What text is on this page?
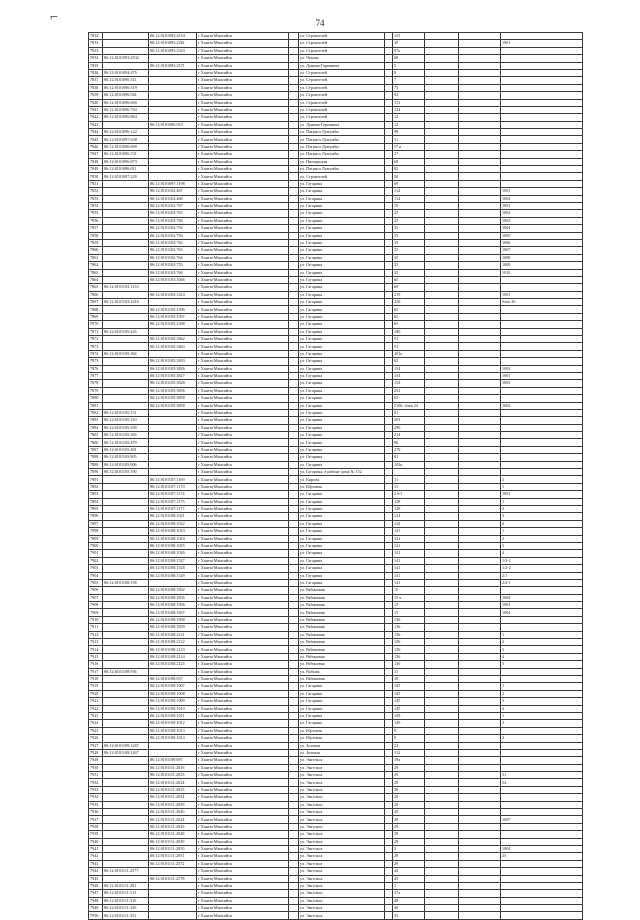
⌐	74
7832		86:12:0101093:2154	г Ханты-Мансийск		ул. Строителей		123			
7833		86:12:0101093:2261	г Ханты-Мансийск		ул. Строителей		30			1901
7833		86:12:0101093:2323	г Ханты-Мансийск		ул. Строителей		97а			
7834	86:12:0101093:2532		г Ханты-Мансийск		ул. Чехова		68			
7835		86:12:0101093:2571	г Ханты-Мансийск		ул. Дунина-Горкавича		5			
7836	86:12:0101094:475		г Ханты-Мансийск		ул. Строителей		8			
7837	86:12:0101096:311		г Ханты-Мансийск		ул. Строителей		7			
7838	86:12:0101096:319		г Ханты-Мансийск		ул. Строителей		73			
7839	86:12:0101096:561		г Ханты-Мансийск		ул. Строителей		92			
7840	86:12:0101096:600		г Ханты-Мансийск		ул. Строителей		113			
7841	86:12:0101096:763		г Ханты-Мансийск		ул. Строителей		124			
7842	86:12:0101096:864		г Ханты-Мансийск		ул. Строителей		12			
7843		86:12:0101096:953	г Ханты-Мансийск		ул. Дунина-Горкавича		12			
7844	86:12:0101096:122		г Ханты-Мансийск		ул. Патриса Лумумбы		98			
7845	86:12:0101097:638		г Ханты-Мансийск		ул. Патриса Лумумбы		11			
7846	86:12:0101096:690		г Ханты-Мансийск		ул. Патриса Лумумбы		57 в			
7847	86:12:0101096:741		г Ханты-Мансийск		ул. Патриса Лумумбы		27			
7848	86:12:0101096:873		г Ханты-Мансийск		ул. Пионерская		68			
7849	86:12:0101096:011		г Ханты-Мансийск		ул. Патриса Лумумбы		82			
7850	86:12:0101097:220		г Ханты-Мансийск		ул. Строителей		50			
7851		86:12:0101097:1198	г Ханты-Мансийск		ул. Гагарина		69			
7852		86:12:0101102:467	г Ханты-Мансийск		ул. Гагарина		114			1001
7853		86:12:0101102:468	г Ханты-Мансийск		ул. Гагарина		114			1002
7854		86:12:0101102:767	г Ханты-Мансийск		ул. Гагарина		35			1001
7855		86:12:0101102:765	г Ханты-Мансийск		ул. Гагарина		35			1002
7856		86:12:0101102:768	г Ханты-Мансийск		ул. Гагарина		35			1003
7857		86:12:0101102:754	г Ханты-Мансийск		ул. Гагарина		35			1004
7858		86:12:0101102:756	г Ханты-Мансийск		ул. Гагарина		35			1005
7859		86:12:0101102:762	г Ханты-Мансийск		ул. Гагарина		35			1006
7860		86:12:0101102:763	г Ханты-Мансийск		ул. Гагарина		35			1007
7861		86:12:0101102:764	г Ханты-Мансийск		ул. Гагарина		35			1008
7862		86:12:0101102:755	г Ханты-Мансийск		ул. Гагарина		35			1009
7863		86:12:0101102:766	г Ханты-Мансийск		ул. Гагарина		35			1010
7864		86:12:0101103:1046	г Ханты-Мансийск		ул. Гагарина		65			
7865	86:12:0101103:1153		г Ханты-Мансийск		ул. Гагарина		69			
7866		86:12:0101103:1414	г Ханты-Мансийск		ул. Гагарина		219			1001
7867	86:12:0101103:1416		г Ханты-Мансийск		ул. Гагарина		220			блок 26
7868		86:12:0101105:2396	г Ханты-Мансийск		ул. Гагарина		65			
7869		86:12:0101105:2397	г Ханты-Мансийск		ул. Гагарина		65			
7870		86:12:0101105:2398	г Ханты-Мансийск		ул. Гагарина		65			
7871	86:12:0101105:243		г Ханты-Мансийск		ул. Гагарина		180			
7872		86:12:0101105:3462	г Ханты-Мансийск		ул. Гагарина		51			
7873		86:12:0101105:3463	г Ханты-Мансийск		ул. Гагарина		51			
7874	86:12:0101105:384		г Ханты-Мансийск		ул. Гагарина		101а			
7875		86:12:0101105:3493	г Ханты-Мансийск		ул. Гагарина		65			
7876		86:12:0101105:3826	г Ханты-Мансийск		ул. Гагарина		154			1002
7877		86:12:0101105:3827	г Ханты-Мансийск		ул. Гагарина		154			1001
7878		86:12:0101105:3828	г Ханты-Мансийск		ул. Гагарина		154			1003
7879		86:12:0101105:3856	г Ханты-Мансийск		ул. Гагарина		252			
7880		86:12:0101105:3858	г Ханты-Мансийск		ул. Гагарина		65			
7881		86:12:0101105:3858	г Ханты-Мансийск		ул. Гагарина		210б, блок 24			1002
7882	86:12:0101105:151		г Ханты-Мансийск		ул. Гагарина		81			
7883	86:12:0101105:310		г Ханты-Мансийск		ул. Гагарина		203			
7884	86:12:0101105:358		г Ханты-Мансийск		ул. Гагарина		290			
7885	86:12:0101105:383		г Ханты-Мансийск		ул. Гагарина		214			
7886	86:12:0101105:479		г Ханты-Мансийск		ул. Гагарина		96			
7887	86:12:0101105:481		г Ханты-Мансийск		ул. Гагарина		279			
7888	86:12:0101105:905		г Ханты-Мансийск		ул. Гагарина		81			
7889	86:12:0101105:906		г Ханты-Мансийск		ул. Гагарина		103а			
7890	86:12:0101105:190		г Ханты-Мансийск		ул. Гагарина, в районе дома № 152					
7891		86:12:0101107:1169	г Ханты-Мансийск		ул. Кирова		11			2
7892		86:12:0101107:1170	г Ханты-Мансийск		ул. Юртовая		11			1
7893		86:12:0101107:1174	г Ханты-Мансийск		ул. Гагарина		2 б/1			1001
7894		86:12:0101107:1175	г Ханты-Мансийск		ул. Гагарина		128			1
7895		86:12:0101107:1177	г Ханты-Мансийск		ул. Гагарина		128			2
7896		86:12:0101108:1021	г Ханты-Мансийск		ул. Гагарина		124			3
7897		86:12:0101108:1022	г Ханты-Мансийск		ул. Гагарина		124			4
7898		86:12:0101108:1023	г Ханты-Мансийск		ул. Гагарина		141			1
7899		86:12:0101108:1024	г Ханты-Мансийск		ул. Гагарина		141			2
7900		86:12:0101108:1025	г Ханты-Мансийск		ул. Гагарина		141			3
7901		86:12:0101108:1026	г Ханты-Мансийск		ул. Гагарина		141			4
7902		86:12:0101108:1527	г Ханты-Мансийск		ул. Гагарина		141			1/2-1
7903		86:12:0101108:1528	г Ханты-Мансийск		ул. Гагарина		141			1/2-2
7904		86:12:0101108:1529	г Ханты-Мансийск		ул. Гагарина		141			2/1
7905	86:12:0101108:158		г Ханты-Мансийск		ул. Гагарина		141			2/2-1
7906		86:12:0101108:1832	г Ханты-Мансийск		ул. Рябиновая		15			
7907		86:12:0101108:1835	г Ханты-Мансийск		ул. Рябиновая		15 а			1004
7908		86:12:0101108:1836	г Ханты-Мансийск		ул. Рябиновая		15			1001
7909		86:12:0101108:1837	г Ханты-Мансийск		ул. Рябиновая		15			1004
7910		86:12:0101108:1838	г Ханты-Мансийск		ул. Рябиновая		136			
7911		86:12:0101108:1839	г Ханты-Мансийск		ул. Рябиновая		136			
7912		86:12:0101108:2121	г Ханты-Мансийск		ул. Рябиновая		136			1
7913		86:12:0101108:2122	г Ханты-Мансийск		ул. Рябиновая		136			2
7914		86:12:0101108:2123	г Ханты-Мансийск		ул. Рябиновая		136			3
7915		86:12:0101108:2124	г Ханты-Мансийск		ул. Рябиновая		136			4
7916		86:12:0101108:2125	г Ханты-Мансийск		ул. Рябиновая		136			5
7917	86:12:0101108:936		г Ханты-Мансийск		ул. Рыбная		11			
7918		86:12:0101108:937	г Ханты-Мансийск		ул. Рябиновая		18			
7919		86:12:0101109:1007	г Ханты-Мансийск		ул. Гагарина		145			1
7920		86:12:0101109:1008	г Ханты-Мансийск		ул. Гагарина		145			2
7921		86:12:0101109:1009	г Ханты-Мансийск		ул. Гагарина		145			3
7922		86:12:0101109:1010	г Ханты-Мансийск		ул. Гагарина		145			4
7923		86:12:0101109:1011	г Ханты-Мансийск		ул. Гагарина		149			1
7924		86:12:0101109:1012	г Ханты-Мансийск		ул. Гагарина		149			2
7925		86:12:0101109:1013	г Ханты-Мансийск		ул. Юртовая		9			
7926		86:12:0101109:1014	г Ханты-Мансийск		ул. Юртовая		9			2
7927	86:12:0101109:1247		г Ханты-Мансийск		ул. Зеленая		22			
7928	86:12:0101109:1267		г Ханты-Мансийск		ул. Зеленая		112			
7929		86:12:0101109:697	г Ханты-Мансийск		ул. Энгельса		19а			
7930		86:12:0101111:2016	г Ханты-Мансийск		ул. Энгельса		29			
7931		86:12:0101111:2023	г Ханты-Мансийск		ул. Энгельса		29			31
7932		86:12:0101111:2024	г Ханты-Мансийск		ул. Энгельса		29			34
7933		86:12:0101111:2025	г Ханты-Мансийск		ул. Энгельса		29			
7934		86:12:0101111:2034	г Ханты-Мансийск		ул. Энгельса		29			
7935		86:12:0101111:2039	г Ханты-Мансийск		ул. Энгельса		29			
7936		86:12:0101111:2040	г Ханты-Мансийск		ул. Энгельса		29			
7937		86:12:0101111:2044	г Ханты-Мансийск		ул. Энгельса		29			1007
7938		86:12:0101111:2045	г Ханты-Мансийск		ул. Энгельса		29			
7939		86:12:0101111:2048	г Ханты-Мансийск		ул. Энгельса		29			
7940		86:12:0101111:2049	г Ханты-Мансийск		ул. Энгельса		29			
7941		86:12:0101111:2050	г Ханты-Мансийск		ул. Энгельса		3			1004
7942		86:12:0101111:2051	г Ханты-Мансийск		ул. Энгельса		29			25
7943		86:12:0101111:2572	г Ханты-Мансийск		ул. Энгельса		29			
7944	86:12:0101111:2577		г Ханты-Мансийск		ул. Энгельса		44			
7945		86:12:0101111:2578	г Ханты-Мансийск		ул. Энгельса		45			
7946	86:12:0101111:281		г Ханты-Мансийск		ул. Энгельса		1			
7947	86:12:0101111:313		г Ханты-Мансийск		ул. Энгельса		37а			
7948	86:12:0101111:316		г Ханты-Мансийск		ул. Энгельса		48			
7949	86:12:0101111:320		г Ханты-Мансийск		ул. Энгельса		46			
7950	86:12:0101111:351		г Ханты-Мансийск		ул. Энгельса		35			
